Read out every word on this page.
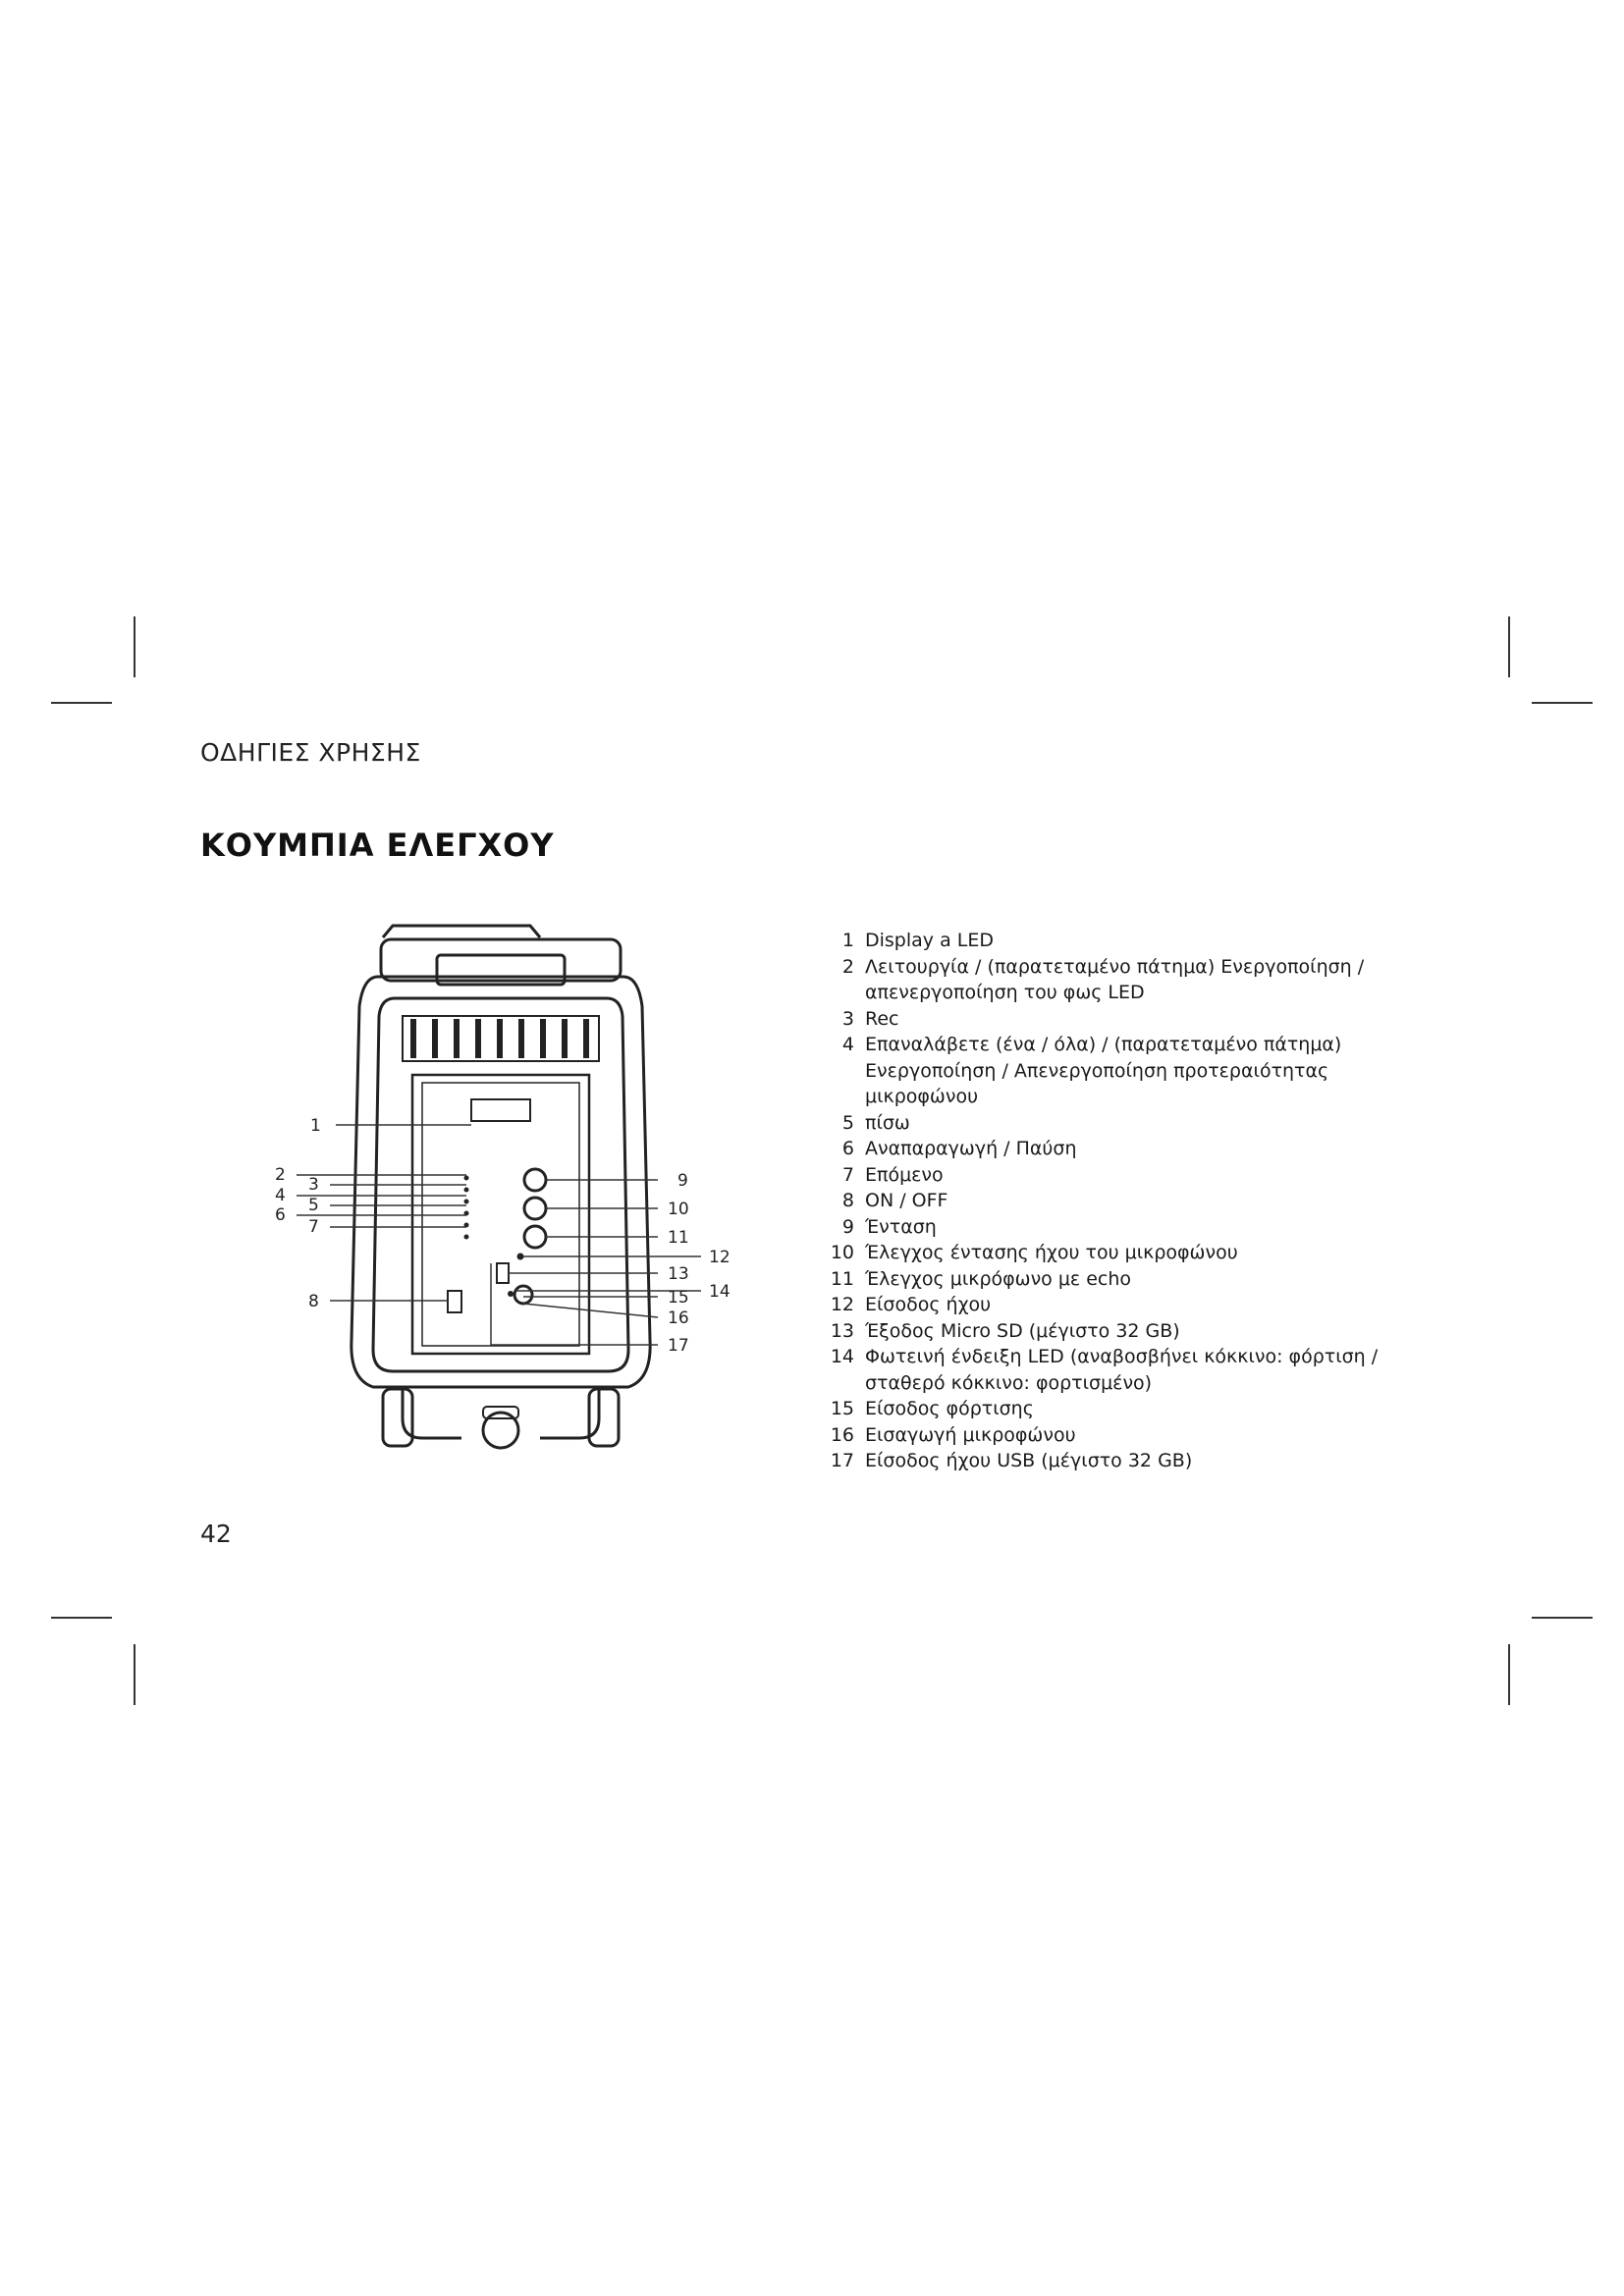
ΟΔΗΓΙΕΣ ΧΡΗΣΗΣ
ΚΟΥΜΠΙΑ ΕΛΕΓΧΟΥ
1
2 3
4 5
6
7
8
9
10
11
12
13
14
15
16
17
1 Display a LED
2 Λειτουργία / (παρατεταμένο πάτημα) Ενεργοποίηση / απενεργοποίηση του φως LED
3 Rec
4 Επαναλάβετε (ένα / όλα) / (παρατεταμένο πάτημα) Ενεργοποίηση / Απενεργοποίηση προτεραιότητας μικροφώνου
5 πίσω
6 Αναπαραγωγή / Παύση
7 Επόμενο
8 ON / OFF
9 Ένταση
10 Έλεγχος έντασης ήχου του μικροφώνου
11 Έλεγχος μικρόφωνο με echo
12 Είσοδος ήχου
13 Έξοδος Micro SD (μέγιστο 32 GB)
14 Φωτεινή ένδειξη LED (αναβοσβήνει κόκκινο: φόρτιση / σταθερό κόκκινο: φορτισμένο)
15 Είσοδος φόρτισης
16 Εισαγωγή μικροφώνου
17 Είσοδος ήχου USB (μέγιστο 32 GB)
42
